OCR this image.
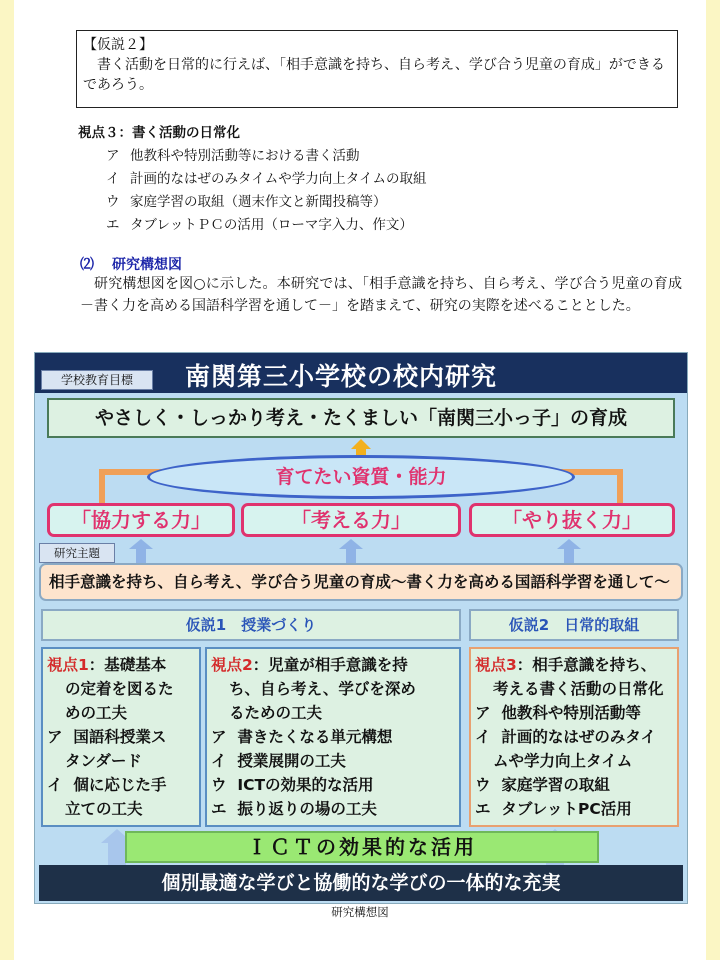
【仮説２】
書く活動を日常的に行えば、「相手意識を持ち、自ら考え、学び合う児童の育成」ができるであろう。
視点３：書く活動の日常化
ア 他教科や特別活動等における書く活動
イ 計画的なはぜのみタイムや学力向上タイムの取組
ウ 家庭学習の取組（週末作文と新聞投稿等）
エ タブレットＰＣの活用（ローマ字入力、作文）
⑵ 研究構想図
研究構想図を図○に示した。本研究では、「相手意識を持ち、自ら考え、学び合う児童の育成　－書く力を高める国語科学習を通して－」を踏まえて、研究の実際を述べることとした。
学校教育目標	南関第三小学校の校内研究
やさしく・しっかり考え・たくましい「南関三小っ子」の育成
育てたい資質・能力
「協力する力」	「考える力」	「やり抜く力」
研究主題
相手意識を持ち、自ら考え、学び合う児童の育成～書く力を高める国語科学習を通して～
仮説1　授業づくり	仮説2　日常的取組
視点1：基礎基本
の定着を図るた
めの工夫
ア 国語科授業ス
タンダード
イ 個に応じた手
立ての工夫
視点2：児童が相手意識を持
ち、自ら考え、学びを深め
るための工夫
ア 書きたくなる単元構想
イ 授業展開の工夫
ウ ICTの効果的な活用
エ 振り返りの場の工夫
視点3：相手意識を持ち、
考える書く活動の日常化
ア 他教科や特別活動等
イ 計画的なはぜのみタイ
ムや学力向上タイム
ウ 家庭学習の取組
エ タブレットPC活用
ＩＣＴの効果的な活用
個別最適な学びと協働的な学びの一体的な充実
研究構想図
